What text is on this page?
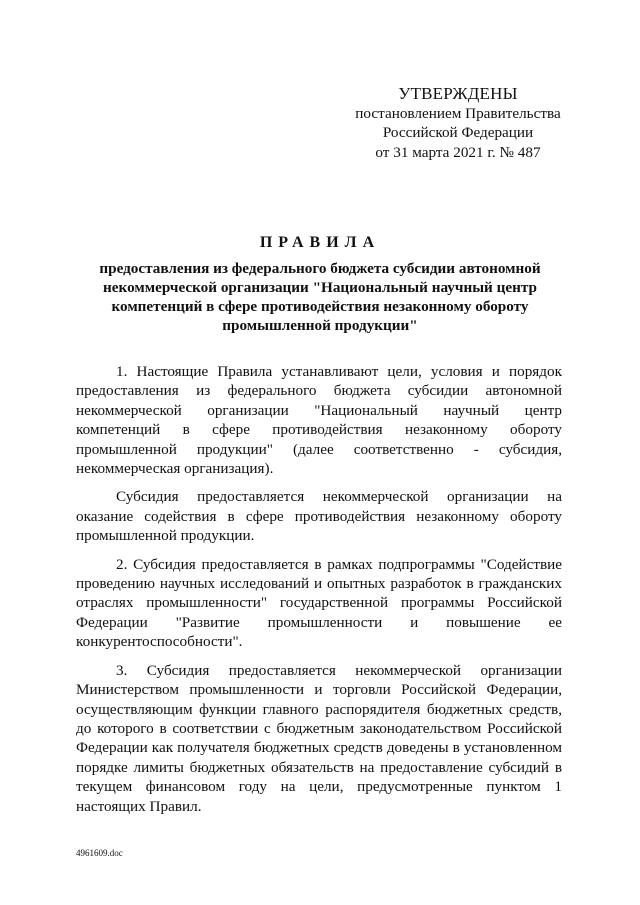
УТВЕРЖДЕНЫ
постановлением Правительства
Российской Федерации
от 31 марта 2021 г. № 487
ПРАВИЛА
предоставления из федерального бюджета субсидии автономной некоммерческой организации "Национальный научный центр компетенций в сфере противодействия незаконному обороту промышленной продукции"

1. Настоящие Правила устанавливают цели, условия и порядок предоставления из федерального бюджета субсидии автономной некоммерческой организации "Национальный научный центр компетенций в сфере противодействия незаконному обороту промышленной продукции" (далее соответственно - субсидия, некоммерческая организация).

Субсидия предоставляется некоммерческой организации на оказание содействия в сфере противодействия незаконному обороту промышленной продукции.

2. Субсидия предоставляется в рамках подпрограммы "Содействие проведению научных исследований и опытных разработок в гражданских отраслях промышленности" государственной программы Российской Федерации "Развитие промышленности и повышение ее конкурентоспособности".

3. Субсидия предоставляется некоммерческой организации Министерством промышленности и торговли Российской Федерации, осуществляющим функции главного распорядителя бюджетных средств, до которого в соответствии с бюджетным законодательством Российской Федерации как получателя бюджетных средств доведены в установленном порядке лимиты бюджетных обязательств на предоставление субсидий в текущем финансовом году на цели, предусмотренные пунктом 1 настоящих Правил.

4961609.doc
